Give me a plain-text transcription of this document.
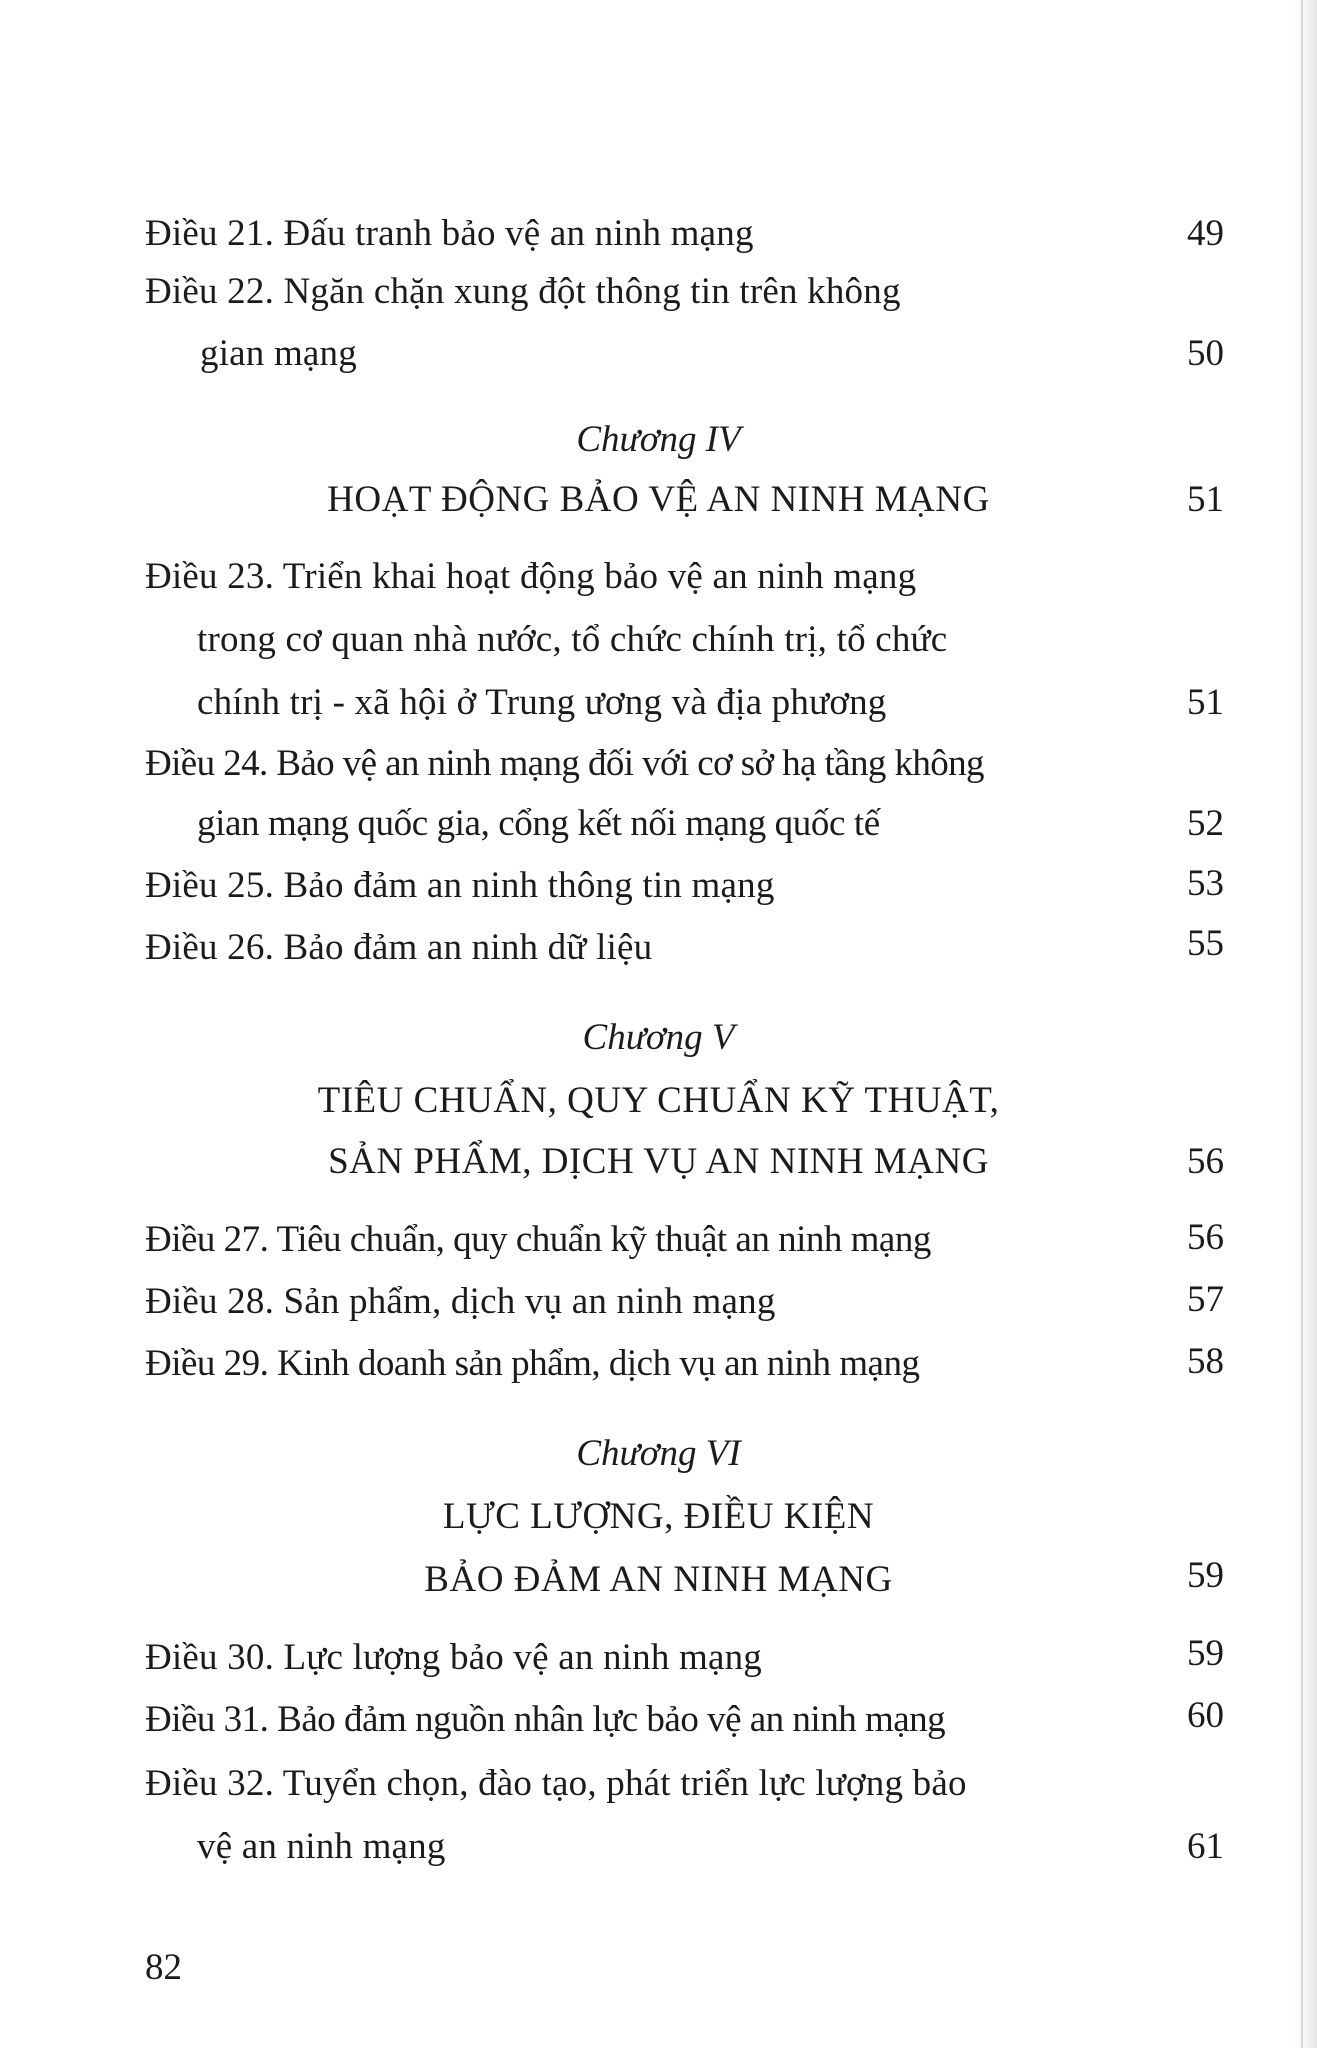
Điều 21. Đấu tranh bảo vệ an ninh mạng	49
Điều 22. Ngăn chặn xung đột thông tin trên không
gian mạng	50
Chương IV
HOẠT ĐỘNG BẢO VỆ AN NINH MẠNG	51
Điều 23. Triển khai hoạt động bảo vệ an ninh mạng
trong cơ quan nhà nước, tổ chức chính trị, tổ chức
chính trị - xã hội ở Trung ương và địa phương	51
Điều 24. Bảo vệ an ninh mạng đối với cơ sở hạ tầng không
gian mạng quốc gia, cổng kết nối mạng quốc tế	52
Điều 25. Bảo đảm an ninh thông tin mạng	53
Điều 26. Bảo đảm an ninh dữ liệu	55
Chương V
TIÊU CHUẨN, QUY CHUẨN KỸ THUẬT,
SẢN PHẨM, DỊCH VỤ AN NINH MẠNG	56
Điều 27. Tiêu chuẩn, quy chuẩn kỹ thuật an ninh mạng	56
Điều 28. Sản phẩm, dịch vụ an ninh mạng	57
Điều 29. Kinh doanh sản phẩm, dịch vụ an ninh mạng	58
Chương VI
LỰC LƯỢNG, ĐIỀU KIỆN
BẢO ĐẢM AN NINH MẠNG	59
Điều 30. Lực lượng bảo vệ an ninh mạng	59
Điều 31. Bảo đảm nguồn nhân lực bảo vệ an ninh mạng	60
Điều 32. Tuyển chọn, đào tạo, phát triển lực lượng bảo
vệ an ninh mạng	61
82
